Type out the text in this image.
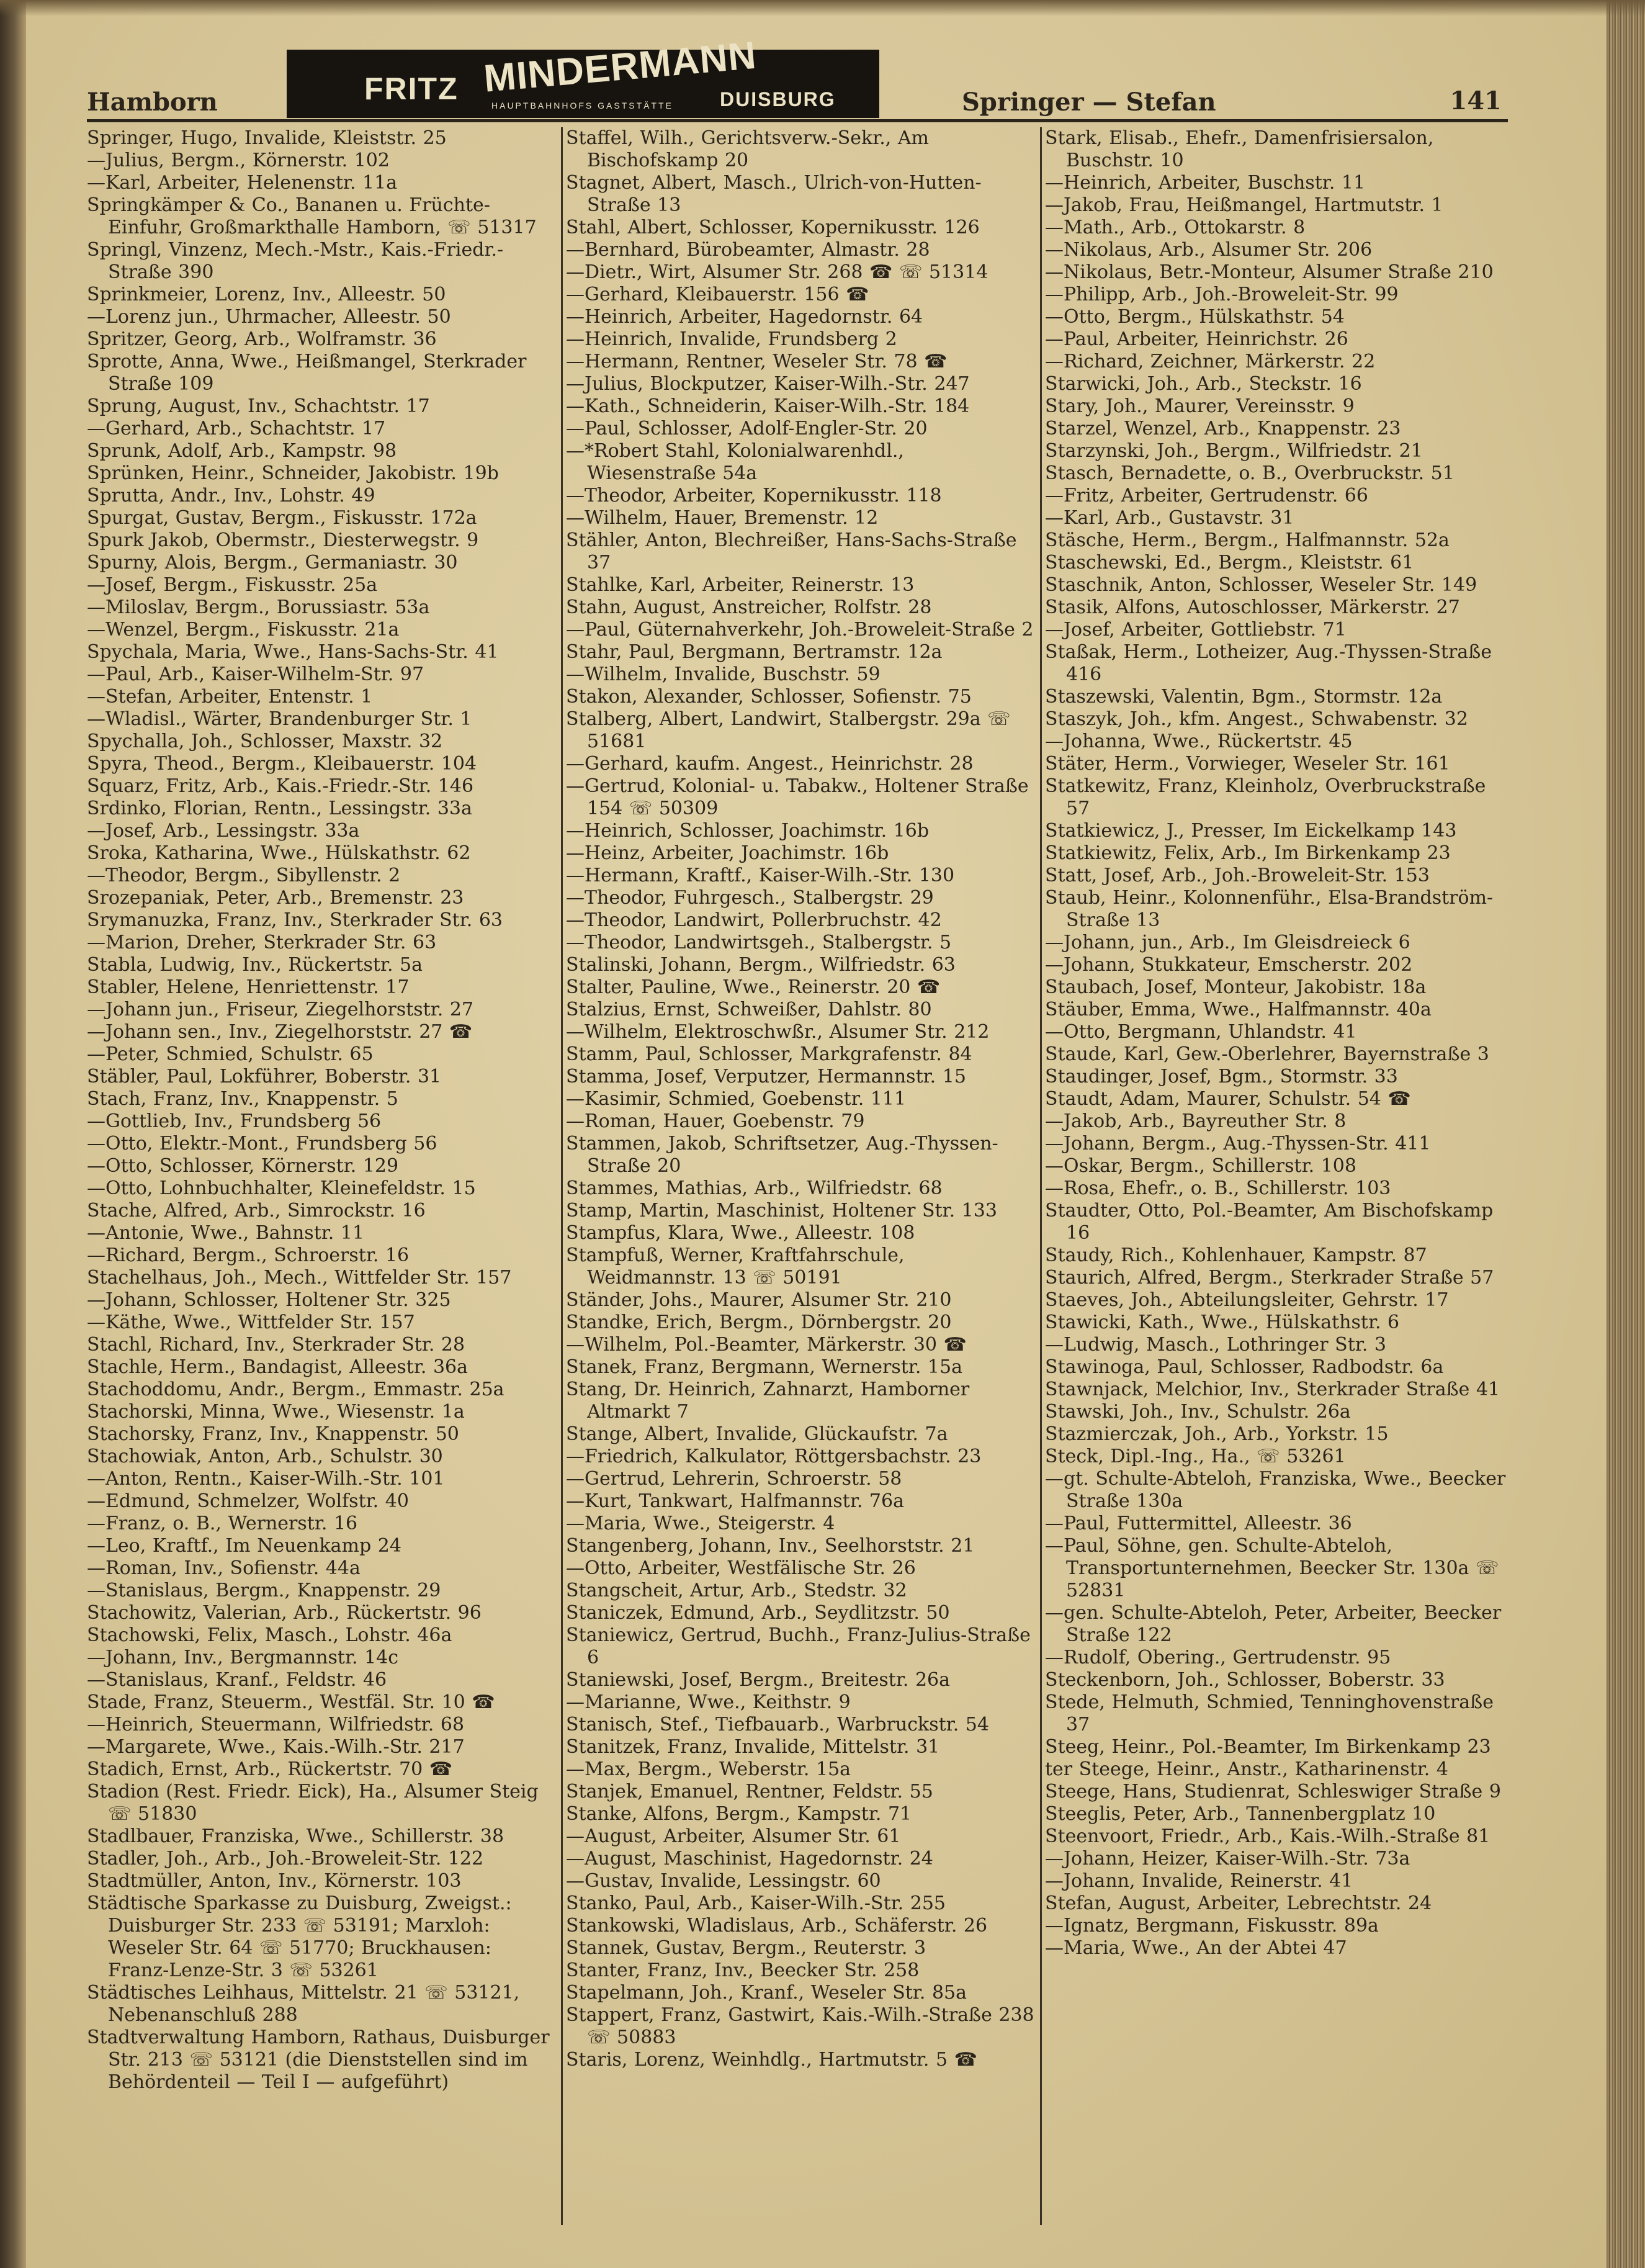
Hamborn	Springer — Stefan	141
FRITZ MINDERMANN
HAUPTBAHNHOFS GASTSTÄTTE DUISBURG
Springer, Hugo, Invalide, Kleiststr. 25
—Julius, Bergm., Körnerstr. 102
—Karl, Arbeiter, Helenenstr. 11a
Springkämper & Co., Bananen u. Früchte-Einfuhr, Großmarkthalle Hamborn, ☏ 51317
Springl, Vinzenz, Mech.-Mstr., Kais.-Friedr.-Straße 390
Sprinkmeier, Lorenz, Inv., Alleestr. 50
—Lorenz jun., Uhrmacher, Alleestr. 50
Spritzer, Georg, Arb., Wolframstr. 36
Sprotte, Anna, Wwe., Heißmangel, Sterkrader Straße 109
Sprung, August, Inv., Schachtstr. 17
—Gerhard, Arb., Schachtstr. 17
Sprunk, Adolf, Arb., Kampstr. 98
Sprünken, Heinr., Schneider, Jakobistr. 19b
Sprutta, Andr., Inv., Lohstr. 49
Spurgat, Gustav, Bergm., Fiskusstr. 172a
Spurk Jakob, Obermstr., Diesterwegstr. 9
Spurny, Alois, Bergm., Germaniastr. 30
—Josef, Bergm., Fiskusstr. 25a
—Miloslav, Bergm., Borussiastr. 53a
—Wenzel, Bergm., Fiskusstr. 21a
Spychala, Maria, Wwe., Hans-Sachs-Str. 41
—Paul, Arb., Kaiser-Wilhelm-Str. 97
—Stefan, Arbeiter, Entenstr. 1
—Wladisl., Wärter, Brandenburger Str. 1
Spychalla, Joh., Schlosser, Maxstr. 32
Spyra, Theod., Bergm., Kleibauerstr. 104
Squarz, Fritz, Arb., Kais.-Friedr.-Str. 146
Srdinko, Florian, Rentn., Lessingstr. 33a
—Josef, Arb., Lessingstr. 33a
Sroka, Katharina, Wwe., Hülskathstr. 62
—Theodor, Bergm., Sibyllenstr. 2
Srozepaniak, Peter, Arb., Bremenstr. 23
Srymanuzka, Franz, Inv., Sterkrader Str. 63
—Marion, Dreher, Sterkrader Str. 63
Stabla, Ludwig, Inv., Rückertstr. 5a
Stabler, Helene, Henriettenstr. 17
—Johann jun., Friseur, Ziegelhorststr. 27
—Johann sen., Inv., Ziegelhorststr. 27 ☎
—Peter, Schmied, Schulstr. 65
Stäbler, Paul, Lokführer, Boberstr. 31
Stach, Franz, Inv., Knappenstr. 5
—Gottlieb, Inv., Frundsberg 56
—Otto, Elektr.-Mont., Frundsberg 56
—Otto, Schlosser, Körnerstr. 129
—Otto, Lohnbuchhalter, Kleinefeldstr. 15
Stache, Alfred, Arb., Simrockstr. 16
—Antonie, Wwe., Bahnstr. 11
—Richard, Bergm., Schroerstr. 16
Stachelhaus, Joh., Mech., Wittfelder Str. 157
—Johann, Schlosser, Holtener Str. 325
—Käthe, Wwe., Wittfelder Str. 157
Stachl, Richard, Inv., Sterkrader Str. 28
Stachle, Herm., Bandagist, Alleestr. 36a
Stachoddomu, Andr., Bergm., Emmastr. 25a
Stachorski, Minna, Wwe., Wiesenstr. 1a
Stachorsky, Franz, Inv., Knappenstr. 50
Stachowiak, Anton, Arb., Schulstr. 30
—Anton, Rentn., Kaiser-Wilh.-Str. 101
—Edmund, Schmelzer, Wolfstr. 40
—Franz, o. B., Wernerstr. 16
—Leo, Kraftf., Im Neuenkamp 24
—Roman, Inv., Sofienstr. 44a
—Stanislaus, Bergm., Knappenstr. 29
Stachowitz, Valerian, Arb., Rückertstr. 96
Stachowski, Felix, Masch., Lohstr. 46a
—Johann, Inv., Bergmannstr. 14c
—Stanislaus, Kranf., Feldstr. 46
Stade, Franz, Steuerm., Westfäl. Str. 10 ☎
—Heinrich, Steuermann, Wilfriedstr. 68
—Margarete, Wwe., Kais.-Wilh.-Str. 217
Stadich, Ernst, Arb., Rückertstr. 70 ☎
Stadion (Rest. Friedr. Eick), Ha., Alsumer Steig ☏ 51830
Stadlbauer, Franziska, Wwe., Schillerstr. 38
Stadler, Joh., Arb., Joh.-Broweleit-Str. 122
Stadtmüller, Anton, Inv., Körnerstr. 103
Städtische Sparkasse zu Duisburg, Zweigst.: Duisburger Str. 233 ☏ 53191; Marxloh: Weseler Str. 64 ☏ 51770; Bruckhausen: Franz-Lenze-Str. 3 ☏ 53261
Städtisches Leihhaus, Mittelstr. 21 ☏ 53121, Nebenanschluß 288
Stadtverwaltung Hamborn, Rathaus, Duisburger Str. 213 ☏ 53121 (die Dienststellen sind im Behördenteil — Teil I — aufgeführt)
Staffel, Wilh., Gerichtsverw.-Sekr., Am Bischofskamp 20
Stagnet, Albert, Masch., Ulrich-von-Hutten-Straße 13
Stahl, Albert, Schlosser, Kopernikusstr. 126
—Bernhard, Bürobeamter, Almastr. 28
—Dietr., Wirt, Alsumer Str. 268 ☎ ☏ 51314
—Gerhard, Kleibauerstr. 156 ☎
—Heinrich, Arbeiter, Hagedornstr. 64
—Heinrich, Invalide, Frundsberg 2
—Hermann, Rentner, Weseler Str. 78 ☎
—Julius, Blockputzer, Kaiser-Wilh.-Str. 247
—Kath., Schneiderin, Kaiser-Wilh.-Str. 184
—Paul, Schlosser, Adolf-Engler-Str. 20
—*Robert Stahl, Kolonialwarenhdl., Wiesenstraße 54a
—Theodor, Arbeiter, Kopernikusstr. 118
—Wilhelm, Hauer, Bremenstr. 12
Stähler, Anton, Blechreißer, Hans-Sachs-Straße 37
Stahlke, Karl, Arbeiter, Reinerstr. 13
Stahn, August, Anstreicher, Rolfstr. 28
—Paul, Güternahverkehr, Joh.-Broweleit-Straße 2
Stahr, Paul, Bergmann, Bertramstr. 12a
—Wilhelm, Invalide, Buschstr. 59
Stakon, Alexander, Schlosser, Sofienstr. 75
Stalberg, Albert, Landwirt, Stalbergstr. 29a ☏ 51681
—Gerhard, kaufm. Angest., Heinrichstr. 28
—Gertrud, Kolonial- u. Tabakw., Holtener Straße 154 ☏ 50309
—Heinrich, Schlosser, Joachimstr. 16b
—Heinz, Arbeiter, Joachimstr. 16b
—Hermann, Kraftf., Kaiser-Wilh.-Str. 130
—Theodor, Fuhrgesch., Stalbergstr. 29
—Theodor, Landwirt, Pollerbruchstr. 42
—Theodor, Landwirtsgeh., Stalbergstr. 5
Stalinski, Johann, Bergm., Wilfriedstr. 63
Stalter, Pauline, Wwe., Reinerstr. 20 ☎
Stalzius, Ernst, Schweißer, Dahlstr. 80
—Wilhelm, Elektroschwßr., Alsumer Str. 212
Stamm, Paul, Schlosser, Markgrafenstr. 84
Stamma, Josef, Verputzer, Hermannstr. 15
—Kasimir, Schmied, Goebenstr. 111
—Roman, Hauer, Goebenstr. 79
Stammen, Jakob, Schriftsetzer, Aug.-Thyssen-Straße 20
Stammes, Mathias, Arb., Wilfriedstr. 68
Stamp, Martin, Maschinist, Holtener Str. 133
Stampfus, Klara, Wwe., Alleestr. 108
Stampfuß, Werner, Kraftfahrschule, Weidmannstr. 13 ☏ 50191
Ständer, Johs., Maurer, Alsumer Str. 210
Standke, Erich, Bergm., Dörnbergstr. 20
—Wilhelm, Pol.-Beamter, Märkerstr. 30 ☎
Stanek, Franz, Bergmann, Wernerstr. 15a
Stang, Dr. Heinrich, Zahnarzt, Hamborner Altmarkt 7
Stange, Albert, Invalide, Glückaufstr. 7a
—Friedrich, Kalkulator, Röttgersbachstr. 23
—Gertrud, Lehrerin, Schroerstr. 58
—Kurt, Tankwart, Halfmannstr. 76a
—Maria, Wwe., Steigerstr. 4
Stangenberg, Johann, Inv., Seelhorststr. 21
—Otto, Arbeiter, Westfälische Str. 26
Stangscheit, Artur, Arb., Stedstr. 32
Staniczek, Edmund, Arb., Seydlitzstr. 50
Staniewicz, Gertrud, Buchh., Franz-Julius-Straße 6
Staniewski, Josef, Bergm., Breitestr. 26a
—Marianne, Wwe., Keithstr. 9
Stanisch, Stef., Tiefbauarb., Warbruckstr. 54
Stanitzek, Franz, Invalide, Mittelstr. 31
—Max, Bergm., Weberstr. 15a
Stanjek, Emanuel, Rentner, Feldstr. 55
Stanke, Alfons, Bergm., Kampstr. 71
—August, Arbeiter, Alsumer Str. 61
—August, Maschinist, Hagedornstr. 24
—Gustav, Invalide, Lessingstr. 60
Stanko, Paul, Arb., Kaiser-Wilh.-Str. 255
Stankowski, Wladislaus, Arb., Schäferstr. 26
Stannek, Gustav, Bergm., Reuterstr. 3
Stanter, Franz, Inv., Beecker Str. 258
Stapelmann, Joh., Kranf., Weseler Str. 85a
Stappert, Franz, Gastwirt, Kais.-Wilh.-Straße 238 ☏ 50883
Staris, Lorenz, Weinhdlg., Hartmutstr. 5 ☎
Stark, Elisab., Ehefr., Damenfrisiersalon, Buschstr. 10
—Heinrich, Arbeiter, Buschstr. 11
—Jakob, Frau, Heißmangel, Hartmutstr. 1
—Math., Arb., Ottokarstr. 8
—Nikolaus, Arb., Alsumer Str. 206
—Nikolaus, Betr.-Monteur, Alsumer Straße 210
—Philipp, Arb., Joh.-Broweleit-Str. 99
—Otto, Bergm., Hülskathstr. 54
—Paul, Arbeiter, Heinrichstr. 26
—Richard, Zeichner, Märkerstr. 22
Starwicki, Joh., Arb., Steckstr. 16
Stary, Joh., Maurer, Vereinsstr. 9
Starzel, Wenzel, Arb., Knappenstr. 23
Starzynski, Joh., Bergm., Wilfriedstr. 21
Stasch, Bernadette, o. B., Overbruckstr. 51
—Fritz, Arbeiter, Gertrudenstr. 66
—Karl, Arb., Gustavstr. 31
Stäsche, Herm., Bergm., Halfmannstr. 52a
Staschewski, Ed., Bergm., Kleiststr. 61
Staschnik, Anton, Schlosser, Weseler Str. 149
Stasik, Alfons, Autoschlosser, Märkerstr. 27
—Josef, Arbeiter, Gottliebstr. 71
Staßak, Herm., Lotheizer, Aug.-Thyssen-Straße 416
Staszewski, Valentin, Bgm., Stormstr. 12a
Staszyk, Joh., kfm. Angest., Schwabenstr. 32
—Johanna, Wwe., Rückertstr. 45
Stäter, Herm., Vorwieger, Weseler Str. 161
Statkewitz, Franz, Kleinholz, Overbruckstraße 57
Statkiewicz, J., Presser, Im Eickelkamp 143
Statkiewitz, Felix, Arb., Im Birkenkamp 23
Statt, Josef, Arb., Joh.-Broweleit-Str. 153
Staub, Heinr., Kolonnenführ., Elsa-Brandström-Straße 13
—Johann, jun., Arb., Im Gleisdreieck 6
—Johann, Stukkateur, Emscherstr. 202
Staubach, Josef, Monteur, Jakobistr. 18a
Stäuber, Emma, Wwe., Halfmannstr. 40a
—Otto, Bergmann, Uhlandstr. 41
Staude, Karl, Gew.-Oberlehrer, Bayernstraße 3
Staudinger, Josef, Bgm., Stormstr. 33
Staudt, Adam, Maurer, Schulstr. 54 ☎
—Jakob, Arb., Bayreuther Str. 8
—Johann, Bergm., Aug.-Thyssen-Str. 411
—Oskar, Bergm., Schillerstr. 108
—Rosa, Ehefr., o. B., Schillerstr. 103
Staudter, Otto, Pol.-Beamter, Am Bischofskamp 16
Staudy, Rich., Kohlenhauer, Kampstr. 87
Staurich, Alfred, Bergm., Sterkrader Straße 57
Staeves, Joh., Abteilungsleiter, Gehrstr. 17
Stawicki, Kath., Wwe., Hülskathstr. 6
—Ludwig, Masch., Lothringer Str. 3
Stawinoga, Paul, Schlosser, Radbodstr. 6a
Stawnjack, Melchior, Inv., Sterkrader Straße 41
Stawski, Joh., Inv., Schulstr. 26a
Stazmierczak, Joh., Arb., Yorkstr. 15
Steck, Dipl.-Ing., Ha., ☏ 53261
—gt. Schulte-Abteloh, Franziska, Wwe., Beecker Straße 130a
—Paul, Futtermittel, Alleestr. 36
—Paul, Söhne, gen. Schulte-Abteloh, Transportunternehmen, Beecker Str. 130a ☏ 52831
—gen. Schulte-Abteloh, Peter, Arbeiter, Beecker Straße 122
—Rudolf, Obering., Gertrudenstr. 95
Steckenborn, Joh., Schlosser, Boberstr. 33
Stede, Helmuth, Schmied, Tenninghovenstraße 37
Steeg, Heinr., Pol.-Beamter, Im Birkenkamp 23
ter Steege, Heinr., Anstr., Katharinenstr. 4
Steege, Hans, Studienrat, Schleswiger Straße 9
Steeglis, Peter, Arb., Tannenbergplatz 10
Steenvoort, Friedr., Arb., Kais.-Wilh.-Straße 81
—Johann, Heizer, Kaiser-Wilh.-Str. 73a
—Johann, Invalide, Reinerstr. 41
Stefan, August, Arbeiter, Lebrechtstr. 24
—Ignatz, Bergmann, Fiskusstr. 89a
—Maria, Wwe., An der Abtei 47
